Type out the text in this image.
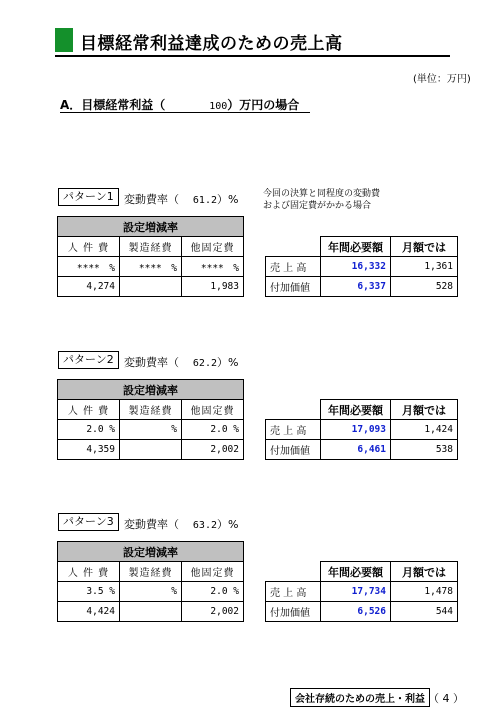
目標経常利益達成のための売上高
(単位：万円)
A．目標経常利益（	100）万円の場合
パターン1 変動費率（ 61.2）%	今回の決算と同程度の変動費
および固定費がかかる場合
設定増減率		
人 件 費	製造経費	他固定費
****　%	****　%	****　%
4,274		1,983
	年間必要額	月額では
売 上 高	16,332	1,361
付加価値	6,337	528
パターン2 変動費率（ 62.2）%
設定増減率		
人 件 費	製造経費	他固定費
2.0 %	%	2.0 %
4,359		2,002
	年間必要額	月額では
売 上 高	17,093	1,424
付加価値	6,461	538
パターン3 変動費率（ 63.2）%
設定増減率		
人 件 費	製造経費	他固定費
3.5 %	%	2.0 %
4,424		2,002
	年間必要額	月額では
売 上 高	17,734	1,478
付加価値	6,526	544
会社存続のための売上・利益 （ 4 ）
